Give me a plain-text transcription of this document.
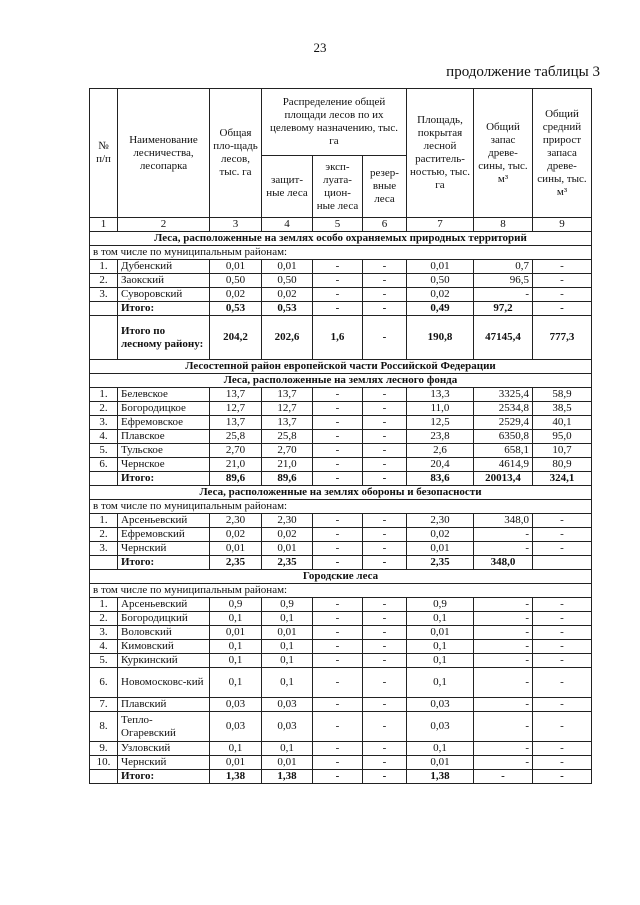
23
продолжение таблицы 3
№ п/п	Наименование лесничества, лесопарка	Общая пло-щадь лесов, тыс. га	Распределение общей площади лесов по их целевому назначению, тыс. га			Площадь, покрытая лесной раститель-ностью, тыс. га	Общий запас древе-сины, тыс. м³	Общий средний прирост запаса древе-сины, тыс. м³
			защит-ные леса	эксп-луата-цион-ные леса	резер-вные леса			
1	2	3	4	5	6	7	8	9
Леса, расположенные на землях особо охраняемых природных территорий								
в том числе по муниципальным районам:								
1.	Дубенский	0,01	0,01	-	-	0,01	0,7	-
2.	Заокский	0,50	0,50	-	-	0,50	96,5	-
3.	Суворовский	0,02	0,02	-	-	0,02	-	-
	Итого:	0,53	0,53	-	-	0,49	97,2	-
	Итого по лесному району:	204,2	202,6	1,6	-	190,8	47145,4	777,3
Лесостепной район европейской части Российской Федерации								
Леса, расположенные на землях лесного фонда								
1.	Белевское	13,7	13,7	-	-	13,3	3325,4	58,9
2.	Богородицкое	12,7	12,7	-	-	11,0	2534,8	38,5
3.	Ефремовское	13,7	13,7	-	-	12,5	2529,4	40,1
4.	Плавское	25,8	25,8	-	-	23,8	6350,8	95,0
5.	Тульское	2,70	2,70	-	-	2,6	658,1	10,7
6.	Чернское	21,0	21,0	-	-	20,4	4614,9	80,9
	Итого:	89,6	89,6	-	-	83,6	20013,4	324,1
Леса, расположенные на землях обороны и безопасности								
в том числе по муниципальным районам:								
1.	Арсеньевский	2,30	2,30	-	-	2,30	348,0	-
2.	Ефремовский	0,02	0,02	-	-	0,02	-	-
3.	Чернский	0,01	0,01	-	-	0,01	-	-
	Итого:	2,35	2,35	-	-	2,35	348,0	
Городские леса								
в том числе по муниципальным районам:								
1.	Арсеньевский	0,9	0,9	-	-	0,9	-	-
2.	Богородицкий	0,1	0,1	-	-	0,1	-	-
3.	Воловский	0,01	0,01	-	-	0,01	-	-
4.	Кимовский	0,1	0,1	-	-	0,1	-	-
5.	Куркинский	0,1	0,1	-	-	0,1	-	-
6.	Новомосковс-кий	0,1	0,1	-	-	0,1	-	-
7.	Плавский	0,03	0,03	-	-	0,03	-	-
8.	Тепло-Огаревский	0,03	0,03	-	-	0,03	-	-
9.	Узловский	0,1	0,1	-	-	0,1	-	-
10.	Чернский	0,01	0,01	-	-	0,01	-	-
	Итого:	1,38	1,38	-	-	1,38	-	-
